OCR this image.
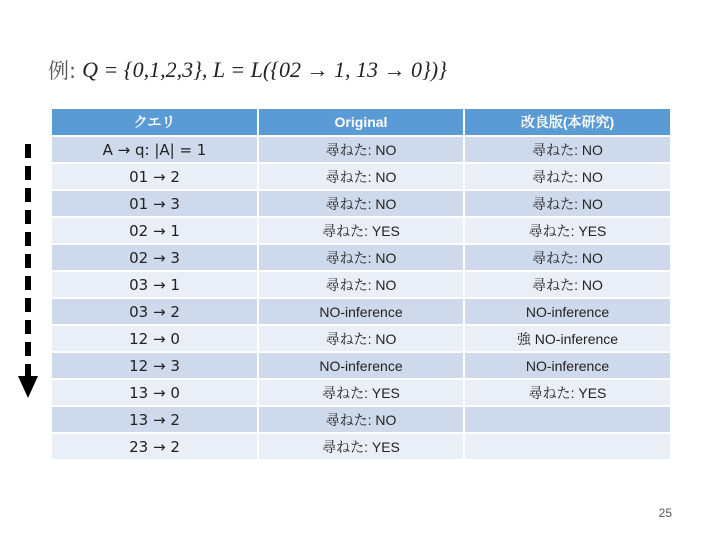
例: Q = {0,1,2,3}, L = L({02 → 1, 13 → 0})}
クエリ	Original	改良版(本研究)
A → q: |A| = 1	尋ねた: NO	尋ねた: NO
01 → 2	尋ねた: NO	尋ねた: NO
01 → 3	尋ねた: NO	尋ねた: NO
02 → 1	尋ねた: YES	尋ねた: YES
02 → 3	尋ねた: NO	尋ねた: NO
03 → 1	尋ねた: NO	尋ねた: NO
03 → 2	NO-inference	NO-inference
12 → 0	尋ねた: NO	強 NO-inference
12 → 3	NO-inference	NO-inference
13 → 0	尋ねた: YES	尋ねた: YES
13 → 2	尋ねた: NO	
23 → 2	尋ねた: YES	
25
